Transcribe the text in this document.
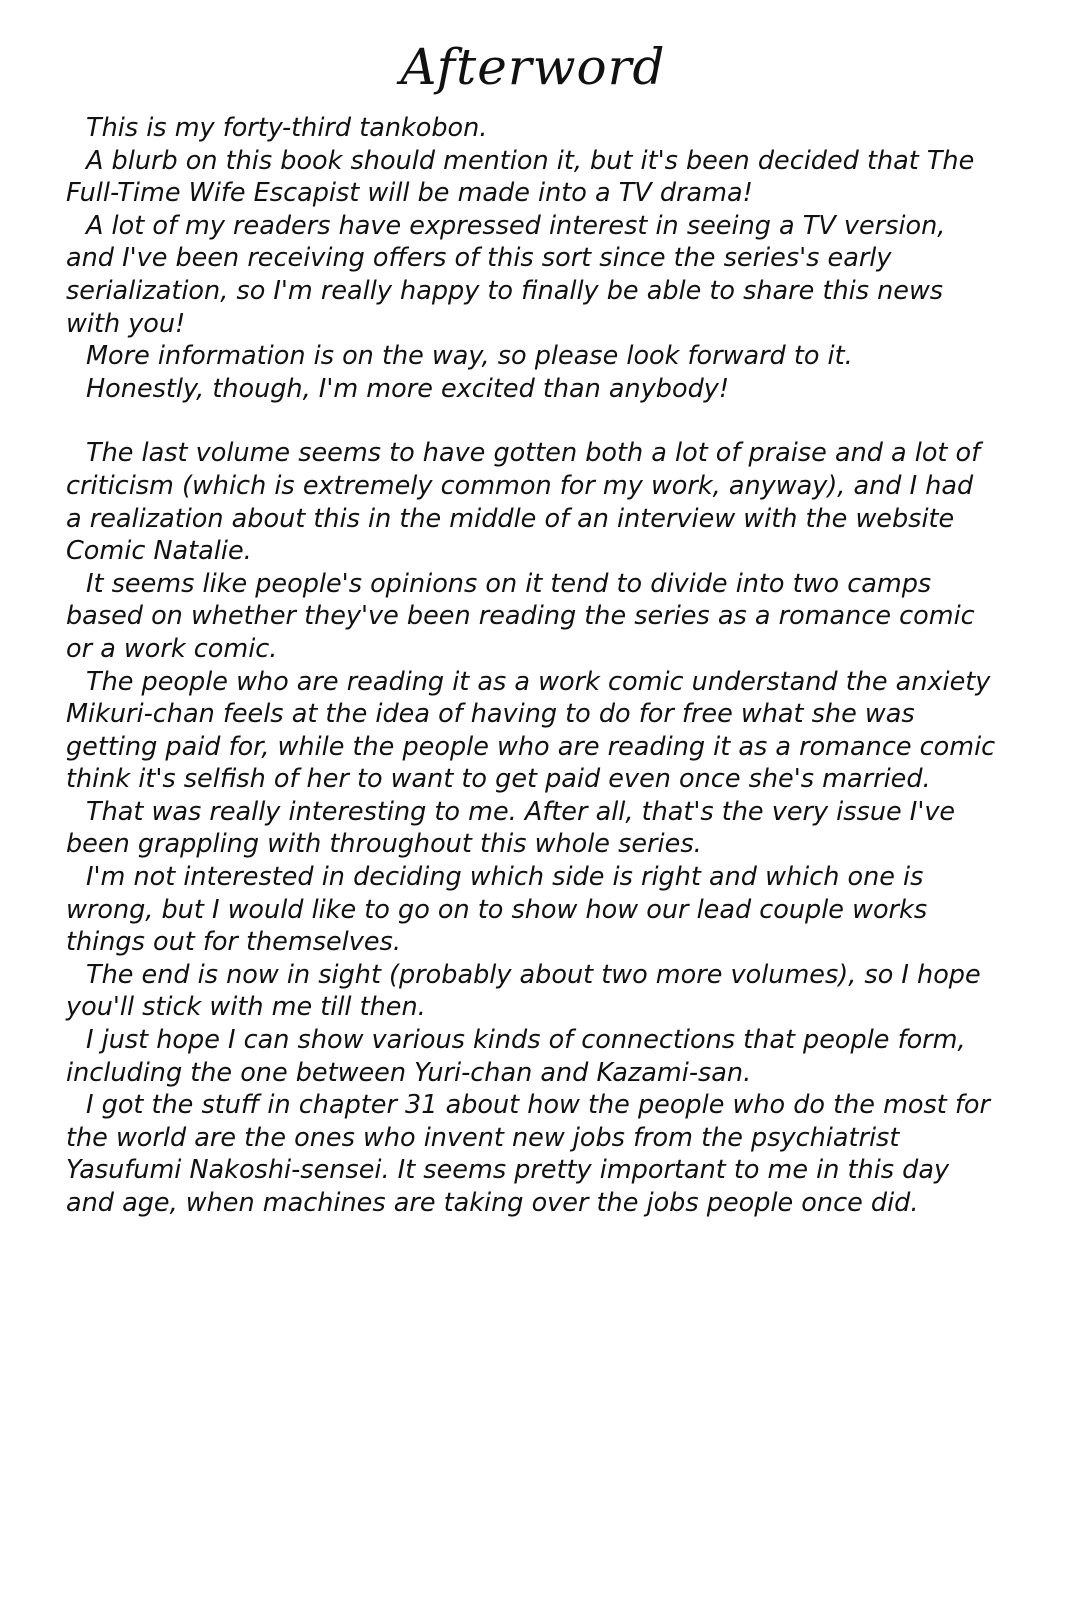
Afterword

This is my forty-third tankobon.

A blurb on this book should mention it, but it's been decided that The Full-Time Wife Escapist will be made into a TV drama!

A lot of my readers have expressed interest in seeing a TV version, and I've been receiving offers of this sort since the series's early serialization, so I'm really happy to finally be able to share this news with you!

More information is on the way, so please look forward to it.

Honestly, though, I'm more excited than anybody!

The last volume seems to have gotten both a lot of praise and a lot of criticism (which is extremely common for my work, anyway), and I had a realization about this in the middle of an interview with the website Comic Natalie.

It seems like people's opinions on it tend to divide into two camps based on whether they've been reading the series as a romance comic or a work comic.

The people who are reading it as a work comic understand the anxiety Mikuri-chan feels at the idea of having to do for free what she was getting paid for, while the people who are reading it as a romance comic think it's selfish of her to want to get paid even once she's married.

That was really interesting to me. After all, that's the very issue I've been grappling with throughout this whole series.

I'm not interested in deciding which side is right and which one is wrong, but I would like to go on to show how our lead couple works things out for themselves.

The end is now in sight (probably about two more volumes), so I hope you'll stick with me till then.

I just hope I can show various kinds of connections that people form, including the one between Yuri-chan and Kazami-san.

I got the stuff in chapter 31 about how the people who do the most for the world are the ones who invent new jobs from the psychiatrist Yasufumi Nakoshi-sensei. It seems pretty important to me in this day and age, when machines are taking over the jobs people once did.
